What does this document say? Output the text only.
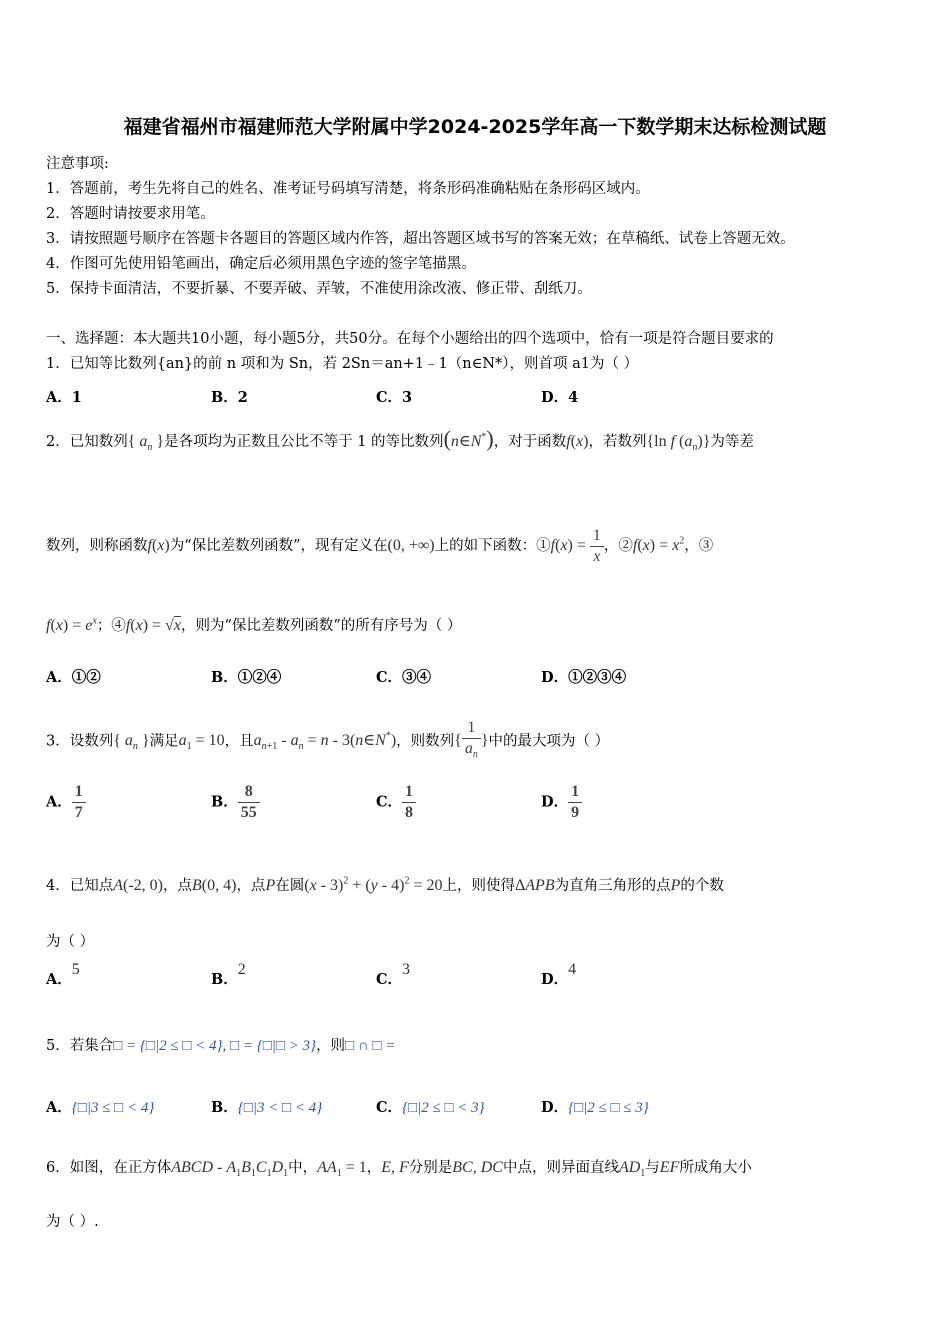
福建省福州市福建师范大学附属中学2024-2025学年高一下数学期末达标检测试题
注意事项:
1．答题前，考生先将自己的姓名、准考证号码填写清楚，将条形码准确粘贴在条形码区域内。
2．答题时请按要求用笔。
3．请按照题号顺序在答题卡各题目的答题区域内作答，超出答题区域书写的答案无效；在草稿纸、试卷上答题无效。
4．作图可先使用铅笔画出，确定后必须用黑色字迹的签字笔描黑。
5．保持卡面清洁，不要折暴、不要弄破、弄皱，不准使用涂改液、修正带、刮纸刀。
一、选择题：本大题共10小题，每小题5分，共50分。在每个小题给出的四个选项中，恰有一项是符合题目要求的
1．已知等比数列{an}的前 n 项和为 Sn，若 2Sn＝an+1﹣1（n∈N*），则首项 a1为（ ）
A．1	B．2	C．3	D．4
2．已知数列{ $a_n$ }是各项均为正数且公比不等于 1 的等比数列(n∈N*)，对于函数f(x)，若数列{ln f $(a_n)$}为等差
数列，则称函数f(x)为“保比差数列函数”，现有定义在(0, +∞)上的如下函数：①f(x) = $\frac{1}{x}$ ，②f(x) = $x^2$，③
$f(x) = e^x$；④f(x) = √x，则为“保比差数列函数”的所有序号为（ ）
A．①②	B．①②④	C．③④	D．①②③④
3．设数列{ $a_n$ }满足$a_1 = 10$，且$a_{n+1} - a_n = n$ - 3(n∈N*)，则数列{ $\frac{1}{a_n}$ }中的最大项为（ ）
A． $\frac{1}{7}$	B． $\frac{8}{55}$	C． $\frac{1}{8}$	D． $\frac{1}{9}$
4．已知点A(-2, 0)，点B(0, 4)，点P在圆(x - 3)$^2$ + (y - 4)$^2$ = 20上，则使得ΔAPB为直角三角形的点P的个数
为（ ）
A．5
B．2
C．3
D．4
5．若集合□ = {□|2 ≤ □ < 4}, □ = {□|□ > 3}，则□ ∩ □ =
A．{□|3 ≤ □ < 4}	B．{□|3 < □ < 4}	C．{□|2 ≤ □ < 3}	D．{□|2 ≤ □ ≤ 3}
6．如图，在正方体ABCD - $A_1B_1C_1D_1$中，$AA_1 = 1$，E, F分别是BC, DC中点，则异面直线$AD_1$与EF所成角大小
为（ ）.
